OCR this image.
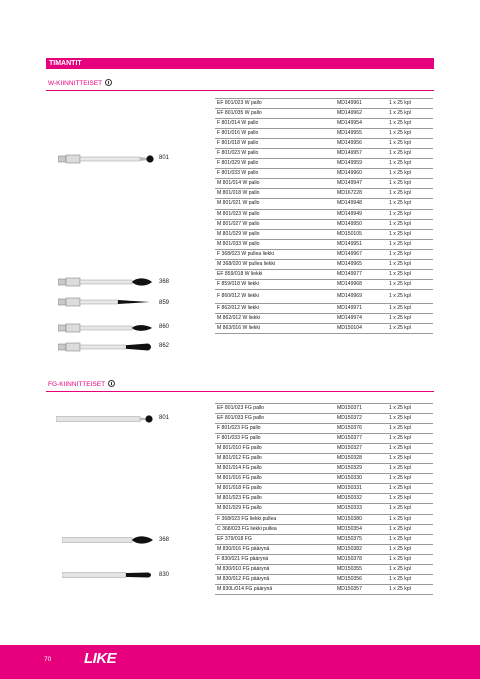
TIMANTIT
W-KIINNITTEISET
EF 801/023 W pallo	MD149961	1 x 25 kpl
EF 801/035 W pallo	MD149962	1 x 25 kpl
F 801/014 W pallo	MD149954	1 x 25 kpl
F 801/016 W pallo	MD149955	1 x 25 kpl
F 801/018 W pallo	MD149956	1 x 25 kpl
F 801/023 W pallo	MD149957	1 x 25 kpl
F 801/029 W pallo	MD149959	1 x 25 kpl
F 801/033 W pallo	MD149960	1 x 25 kpl
M 801/014 W pallo	MD149947	1 x 25 kpl
M 801/018 W pallo	MD167228	1 x 25 kpl
M 801/021 W pallo	MD149948	1 x 25 kpl
M 801/023 W pallo	MD149949	1 x 25 kpl
M 801/027 W pallo	MD149950	1 x 25 kpl
M 801/029 W pallo	MD150105	1 x 25 kpl
M 801/033 W pallo	MD149951	1 x 25 kpl
F 368/023 W pullea liekki	MD149967	1 x 25 kpl
M 368/020 W pullea liekki	MD149965	1 x 25 kpl
EF 859/018 W liekki	MD149977	1 x 25 kpl
F 859/018 W liekki	MD149968	1 x 25 kpl
F 860/012 W liekki	MD149969	1 x 25 kpl
F 862/012 W liekki	MD149971	1 x 25 kpl
M 862/012 W liekki	MD149974	1 x 25 kpl
M 863/016 W liekki	MD150104	1 x 25 kpl
801
368
859
860
862
FG-KIINNITTEISET
EF 801/023 FG pallo	MD150371	1 x 25 kpl
EF 801/033 FG pallo	MD150372	1 x 25 kpl
F 801/023 FG pallo	MD150376	1 x 25 kpl
F 801/033 FG pallo	MD150377	1 x 25 kpl
M 801/010 FG pallo	MD150327	1 x 25 kpl
M 801/012 FG pallo	MD150328	1 x 25 kpl
M 801/014 FG pallo	MD150329	1 x 25 kpl
M 801/016 FG pallo	MD150330	1 x 25 kpl
M 801/018 FG pallo	MD150331	1 x 25 kpl
M 801/023 FG pallo	MD150332	1 x 25 kpl
M 801/029 FG pallo	MD150333	1 x 25 kpl
F 368/023 FG liekki pullea	MD150380	1 x 25 kpl
C 368/023 FG liekki pullea	MD150354	1 x 25 kpl
EF 379/018 FG	MD150375	1 x 25 kpl
M 830/016 FG päärynä	MD150382	1 x 25 kpl
F 830/021 FG päärynä	MD150378	1 x 25 kpl
M 830/010 FG päärynä	MD150355	1 x 25 kpl
M 830/012 FG päärynä	MD150356	1 x 25 kpl
M 830L/014 FG päärynä	MD150357	1 x 25 kpl
801
368
830
70 LIKE
